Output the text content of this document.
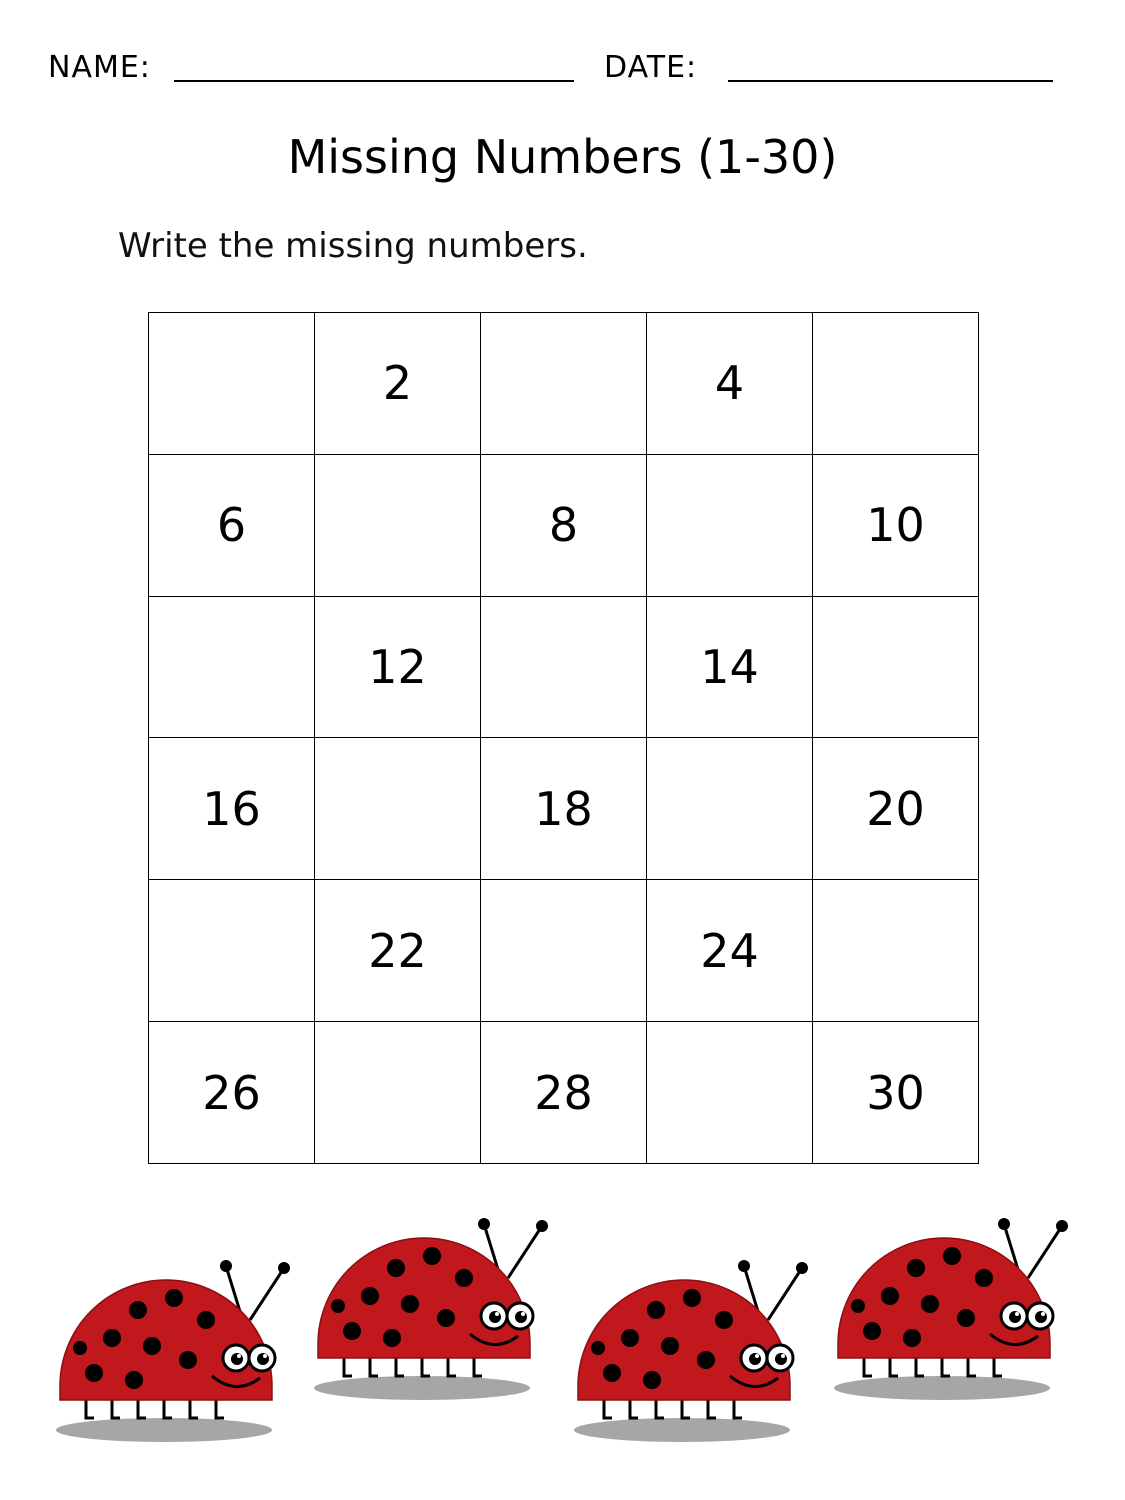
NAME:	DATE:
Missing Numbers (1-30)
Write the missing numbers.
	2		4	
6		8		10
	12		14	
16		18		20
	22		24	
26		28		30
